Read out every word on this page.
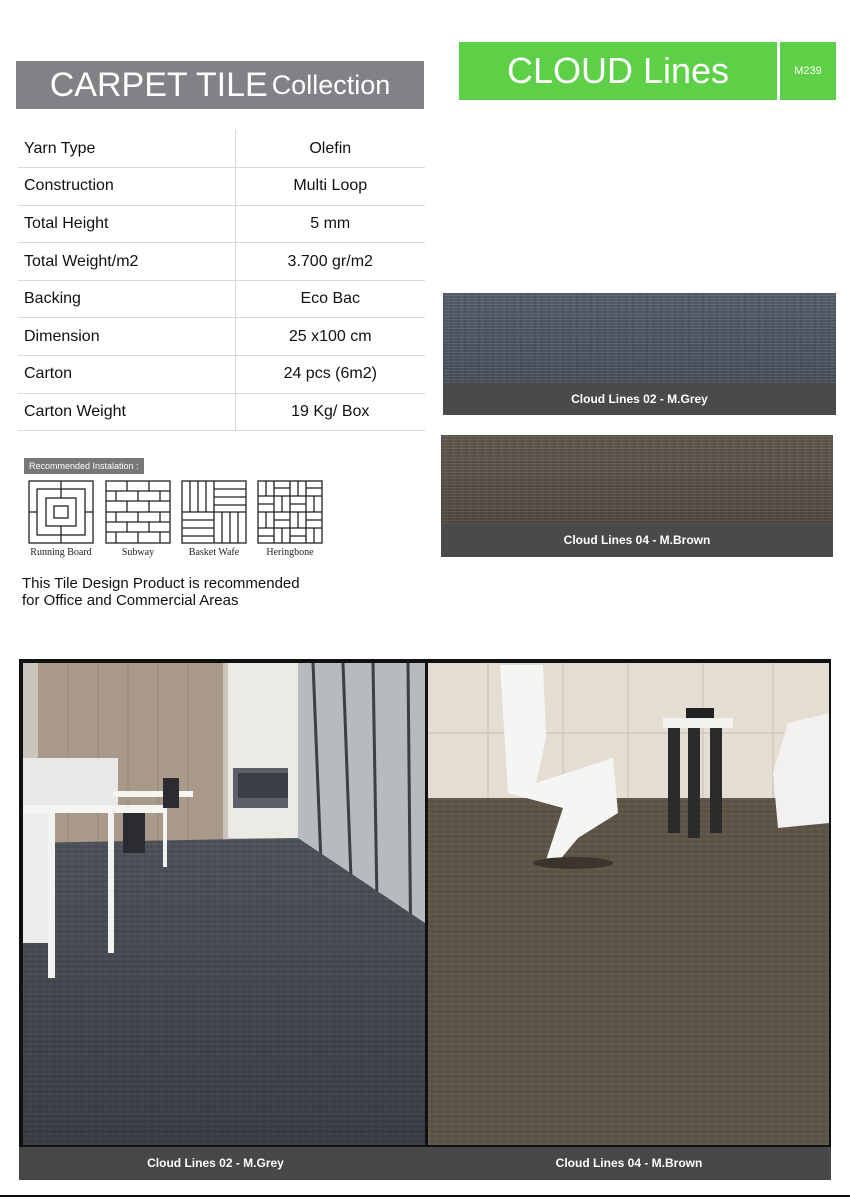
CARPET TILE Collection	CLOUD Lines	M239
Yarn Type	Olefin
Construction	Multi Loop
Total Height	5 mm
Total Weight/m2	3.700 gr/m2
Backing	Eco Bac
Dimension	25 x100 cm
Carton	24 pcs (6m2)
Carton Weight	19 Kg/ Box
Recommended Instalation :
Running Board	Subway	Basket Wafe	Heringbone
This Tile Design Product is recommended
for Office and Commercial Areas
Cloud Lines 02 - M.Grey
Cloud Lines 04 - M.Brown
Cloud Lines 02 - M.Grey	Cloud Lines 04 - M.Brown
